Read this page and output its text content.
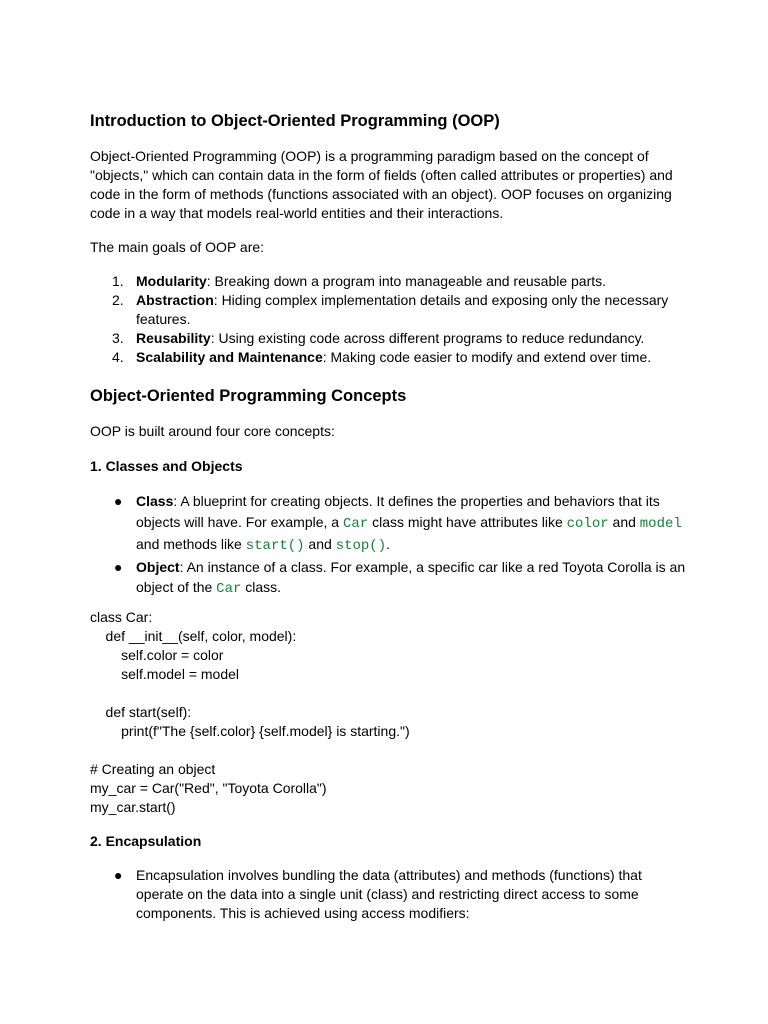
Introduction to Object-Oriented Programming (OOP)

Object-Oriented Programming (OOP) is a programming paradigm based on the concept of "objects," which can contain data in the form of fields (often called attributes or properties) and code in the form of methods (functions associated with an object). OOP focuses on organizing code in a way that models real-world entities and their interactions.

The main goals of OOP are:

1. Modularity: Breaking down a program into manageable and reusable parts.
2. Abstraction: Hiding complex implementation details and exposing only the necessary features.
3. Reusability: Using existing code across different programs to reduce redundancy.
4. Scalability and Maintenance: Making code easier to modify and extend over time.
Object-Oriented Programming Concepts

OOP is built around four core concepts:

1. Classes and Objects
● Class: A blueprint for creating objects. It defines the properties and behaviors that its objects will have. For example, a Car class might have attributes like color and model and methods like start() and stop().
● Object: An instance of a class. For example, a specific car like a red Toyota Corolla is an object of the Car class.
class Car:
def __init__(self, color, model):
self.color = color
self.model = model

def start(self):
print(f"The {self.color} {self.model} is starting.")

# Creating an object
my_car = Car("Red", "Toyota Corolla")
my_car.start()
2. Encapsulation
● Encapsulation involves bundling the data (attributes) and methods (functions) that operate on the data into a single unit (class) and restricting direct access to some components. This is achieved using access modifiers:
